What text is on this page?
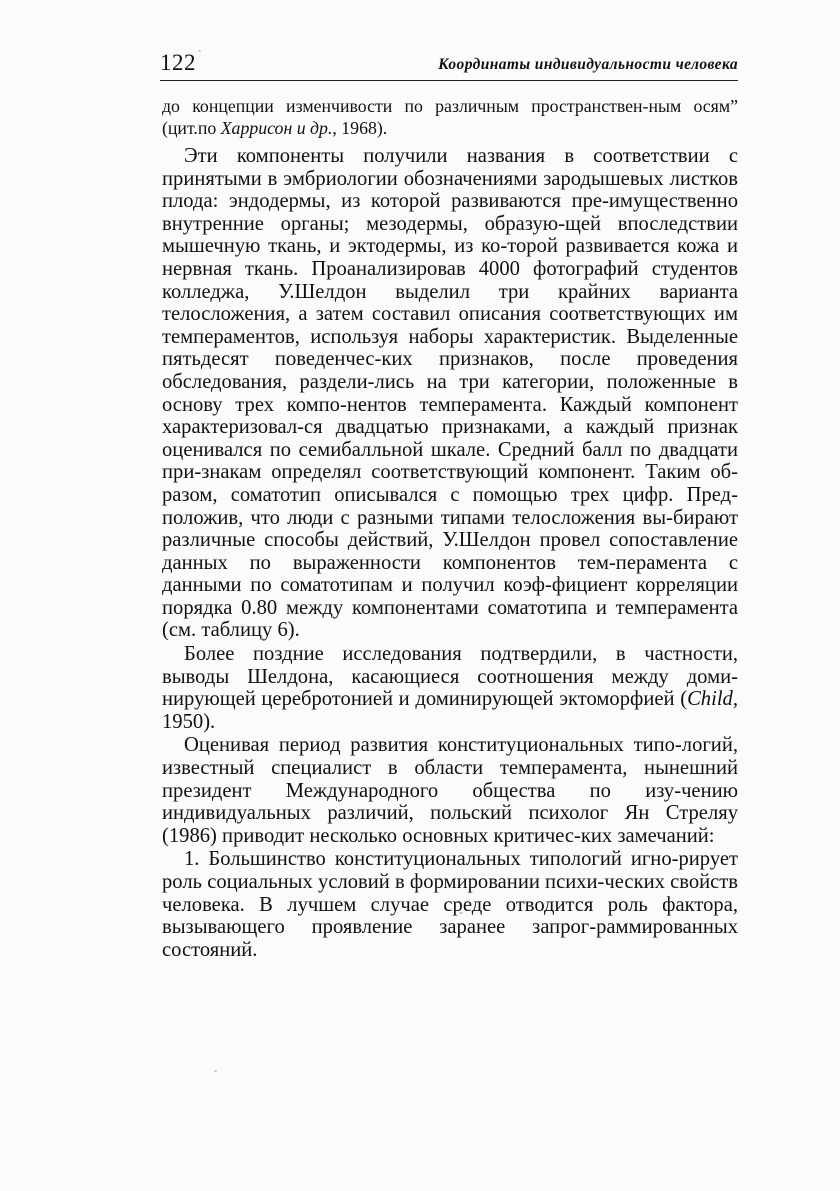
122	Координаты индивидуальности человека

до концепции изменчивости по различным пространствен-ным осям” (цит.по Харрисон и др., 1968).

Эти компоненты получили названия в соответствии с принятыми в эмбриологии обозначениями зародышевых листков плода: эндодермы, из которой развиваются пре-имущественно внутренние органы; мезодермы, образую-щей впоследствии мышечную ткань, и эктодермы, из ко-торой развивается кожа и нервная ткань. Проанализировав 4000 фотографий студентов колледжа, У.Шелдон выделил три крайних варианта телосложения, а затем составил описания соответствующих им темпераментов, используя наборы характеристик. Выделенные пятьдесят поведенчес-ких признаков, после проведения обследования, раздели-лись на три категории, положенные в основу трех компо-нентов темперамента. Каждый компонент характеризовал-ся двадцатью признаками, а каждый признак оценивался по семибалльной шкале. Средний балл по двадцати при-знакам определял соответствующий компонент. Таким об-разом, соматотип описывался с помощью трех цифр. Пред-положив, что люди с разными типами телосложения вы-бирают различные способы действий, У.Шелдон провел сопоставление данных по выраженности компонентов тем-перамента с данными по соматотипам и получил коэф-фициент корреляции порядка 0.80 между компонентами соматотипа и темперамента (см. таблицу 6).

Более поздние исследования подтвердили, в частности, выводы Шелдона, касающиеся соотношения между доми-нирующей церебротонией и доминирующей эктоморфией (Child, 1950).

Оценивая период развития конституциональных типо-логий, известный специалист в области темперамента, нынешний президент Международного общества по изу-чению индивидуальных различий, польский психолог Ян Стреляу (1986) приводит несколько основных критичес-ких замечаний:

1. Большинство конституциональных типологий игно-рирует роль социальных условий в формировании психи-ческих свойств человека. В лучшем случае среде отводится роль фактора, вызывающего проявление заранее запрог-раммированных состояний.
